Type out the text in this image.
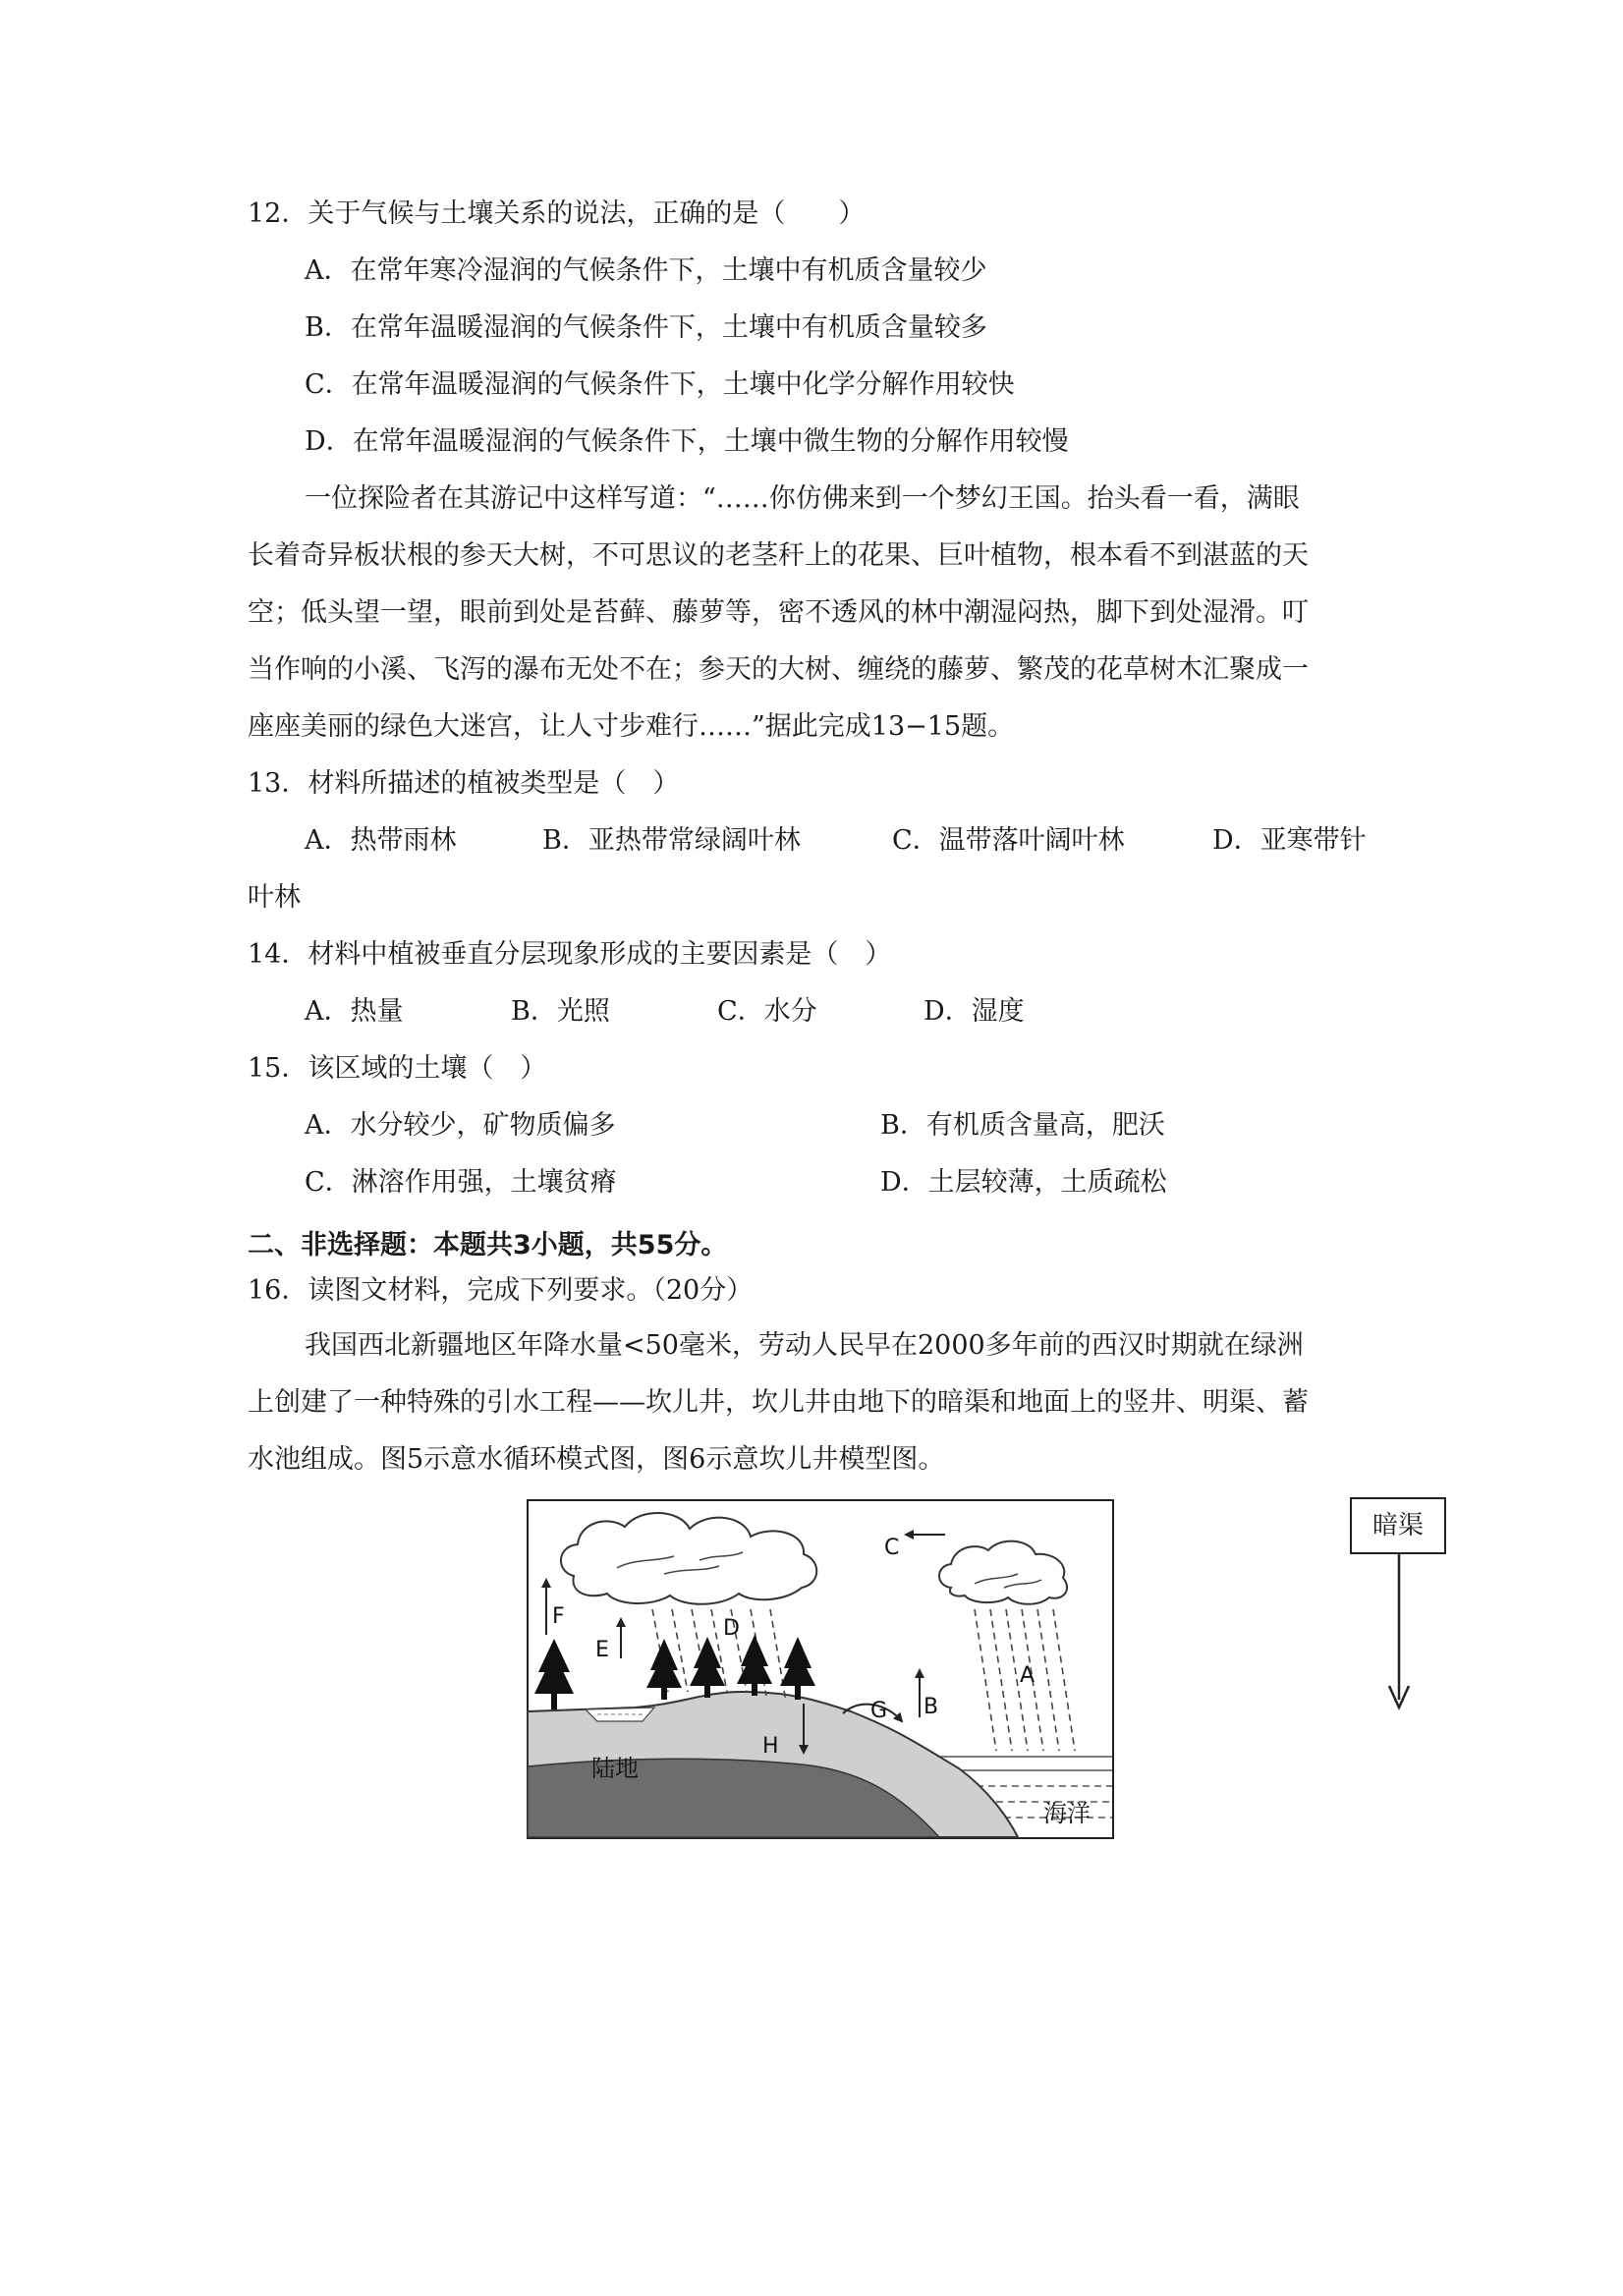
12．关于气候与土壤关系的说法，正确的是（　　）
A．在常年寒冷湿润的气候条件下，土壤中有机质含量较少
B．在常年温暖湿润的气候条件下，土壤中有机质含量较多
C．在常年温暖湿润的气候条件下，土壤中化学分解作用较快
D．在常年温暖湿润的气候条件下，土壤中微生物的分解作用较慢
一位探险者在其游记中这样写道：“……你仿佛来到一个梦幻王国。抬头看一看，满眼
长着奇异板状根的参天大树，不可思议的老茎秆上的花果、巨叶植物，根本看不到湛蓝的天
空；低头望一望，眼前到处是苔藓、藤萝等，密不透风的林中潮湿闷热，脚下到处湿滑。叮
当作响的小溪、飞泻的瀑布无处不在；参天的大树、缠绕的藤萝、繁茂的花草树木汇聚成一
座座美丽的绿色大迷宫，让人寸步难行……”据此完成13−15题。
13．材料所描述的植被类型是（　）
A．热带雨林	B．亚热带常绿阔叶林	C．温带落叶阔叶林	D．亚寒带针
叶林
14．材料中植被垂直分层现象形成的主要因素是（　）
A．热量	B．光照	C．水分	D．湿度
15．该区域的土壤（　）
A．水分较少，矿物质偏多	B．有机质含量高，肥沃
C．淋溶作用强，土壤贫瘠	D．土层较薄，土质疏松
二、非选择题：本题共3小题，共55分。
16．读图文材料，完成下列要求。（20分）
我国西北新疆地区年降水量<50毫米，劳动人民早在2000多年前的西汉时期就在绿洲
上创建了一种特殊的引水工程——坎儿井，坎儿井由地下的暗渠和地面上的竖井、明渠、蓄
水池组成。图5示意水循环模式图，图6示意坎儿井模型图。
F
E
D
C
B
A
G
H
陆地
海洋
暗渠
